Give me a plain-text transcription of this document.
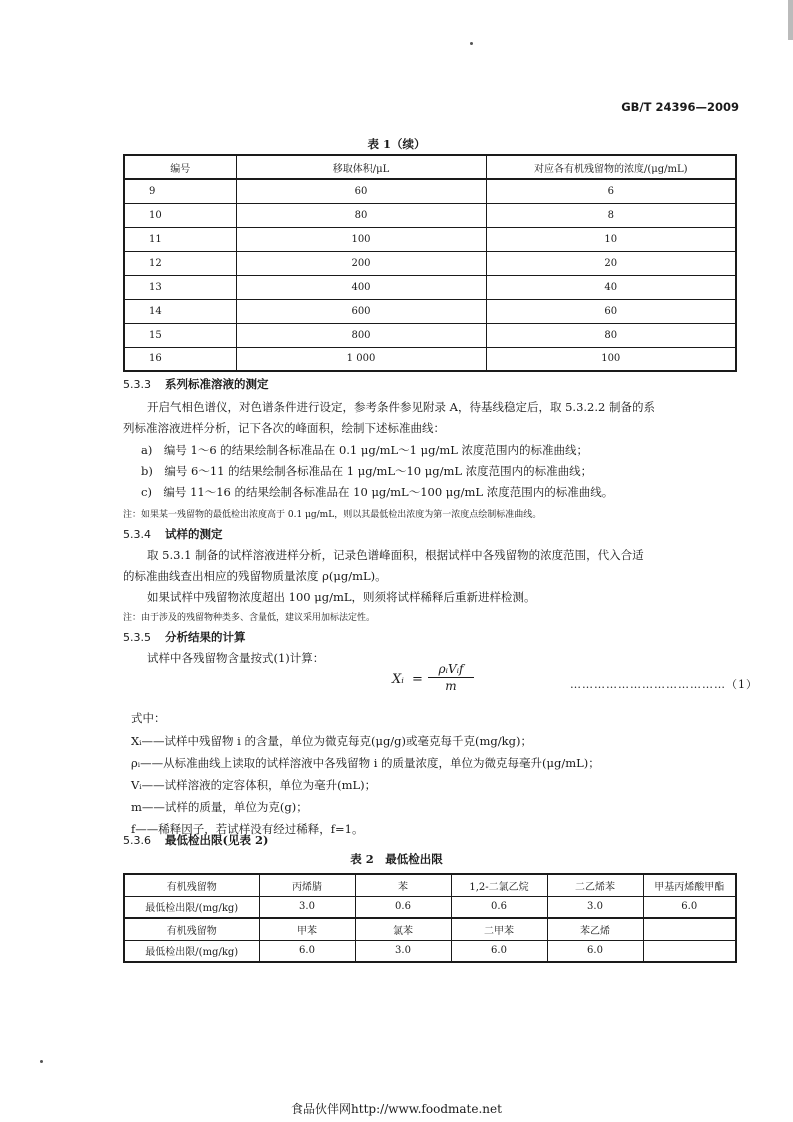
GB/T 24396—2009
表 1（续）
编号	移取体积/μL	对应各有机残留物的浓度/(μg/mL)
9	60	6
10	80	8
11	100	10
12	200	20
13	400	40
14	600	60
15	800	80
16	1 000	100
5.3.3 系列标准溶液的测定
开启气相色谱仪，对色谱条件进行设定，参考条件参见附录 A，待基线稳定后，取 5.3.2.2 制备的系
列标准溶液进样分析，记下各次的峰面积，绘制下述标准曲线：
a)　编号 1～6 的结果绘制各标准品在 0.1 μg/mL～1 μg/mL 浓度范围内的标准曲线；
b)　编号 6～11 的结果绘制各标准品在 1 μg/mL～10 μg/mL 浓度范围内的标准曲线；
c)　编号 11～16 的结果绘制各标准品在 10 μg/mL～100 μg/mL 浓度范围内的标准曲线。
注：如果某一残留物的最低检出浓度高于 0.1 μg/mL，则以其最低检出浓度为第一浓度点绘制标准曲线。
5.3.4 试样的测定
取 5.3.1 制备的试样溶液进样分析，记录色谱峰面积，根据试样中各残留物的浓度范围，代入合适
的标准曲线查出相应的残留物质量浓度 ρ(μg/mL)。
如果试样中残留物浓度超出 100 μg/mL，则须将试样稀释后重新进样检测。
注：由于涉及的残留物种类多、含量低，建议采用加标法定性。
5.3.5 分析结果的计算
试样中各残留物含量按式(1)计算：
Xᵢ =
ρᵢVᵢf
m	…………………………………（1）
式中：
Xᵢ——试样中残留物 i 的含量，单位为微克每克(μg/g)或毫克每千克(mg/kg)；
ρᵢ——从标准曲线上读取的试样溶液中各残留物 i 的质量浓度，单位为微克每毫升(μg/mL)；
Vᵢ——试样溶液的定容体积，单位为毫升(mL)；
m——试样的质量，单位为克(g)；
f——稀释因子，若试样没有经过稀释，f=1。
5.3.6 最低检出限(见表 2)
表 2　最低检出限
有机残留物	丙烯腈	苯	1,2-二氯乙烷	二乙烯苯	甲基丙烯酸甲酯
最低检出限/(mg/kg)	3.0	0.6	0.6	3.0	6.0
有机残留物	甲苯	氯苯	二甲苯	苯乙烯	
最低检出限/(mg/kg)	6.0	3.0	6.0	6.0	
食品伙伴网http://www.foodmate.net
